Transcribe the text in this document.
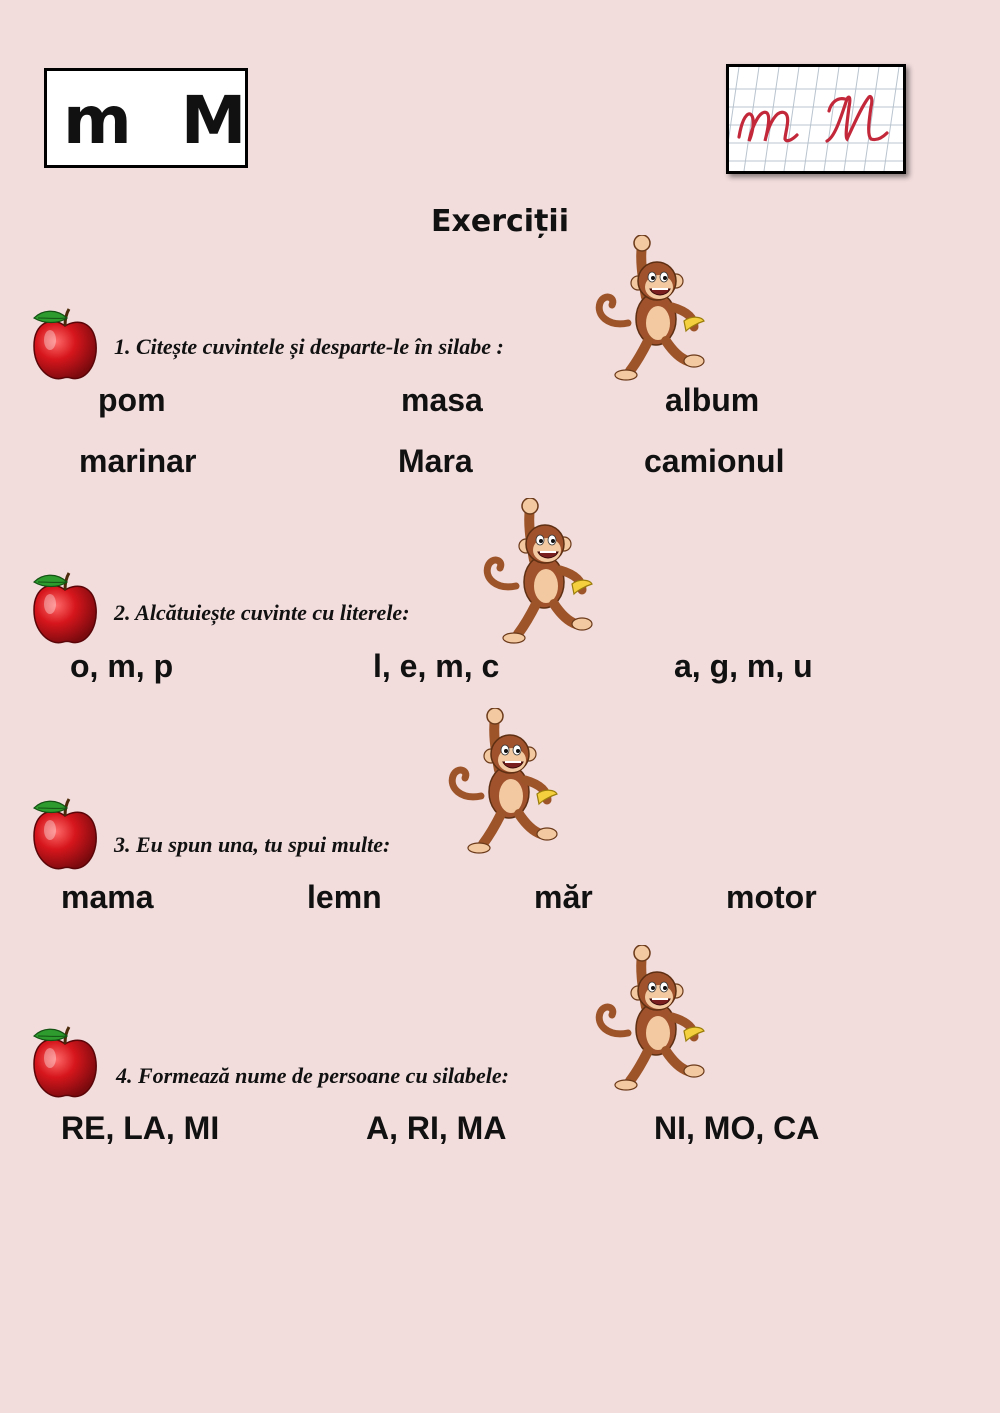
m  M
Exerciții
1. Citește cuvintele și desparte-le în silabe :
pom	masa	album
marinar	Mara	camionul
2. Alcătuiește cuvinte cu literele:
o, m, p	l, e, m, c	a, g, m, u
3. Eu spun una, tu spui multe:
mama	lemn	măr	motor
4. Formează nume de persoane cu silabele:
RE, LA, MI	A, RI, MA	NI, MO, CA
